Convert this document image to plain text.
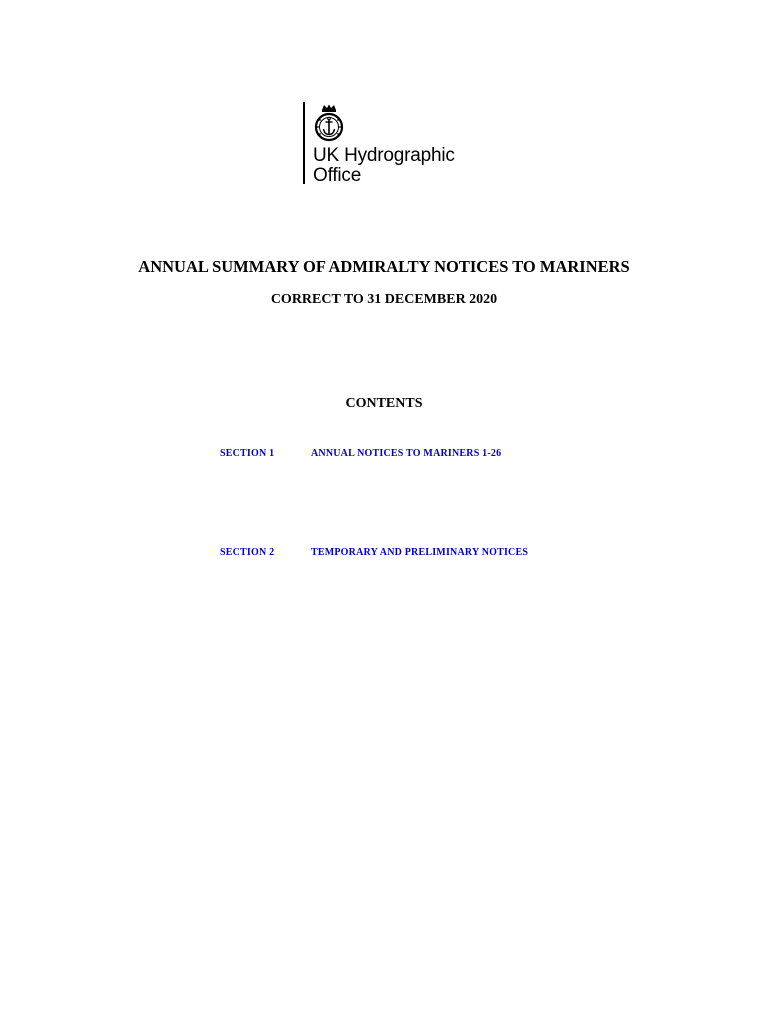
UK Hydrographic
Office
ANNUAL SUMMARY OF ADMIRALTY NOTICES TO MARINERS
CORRECT TO 31 DECEMBER 2020
CONTENTS
SECTION 1	ANNUAL NOTICES TO MARINERS 1-26
SECTION 2	TEMPORARY AND PRELIMINARY NOTICES
